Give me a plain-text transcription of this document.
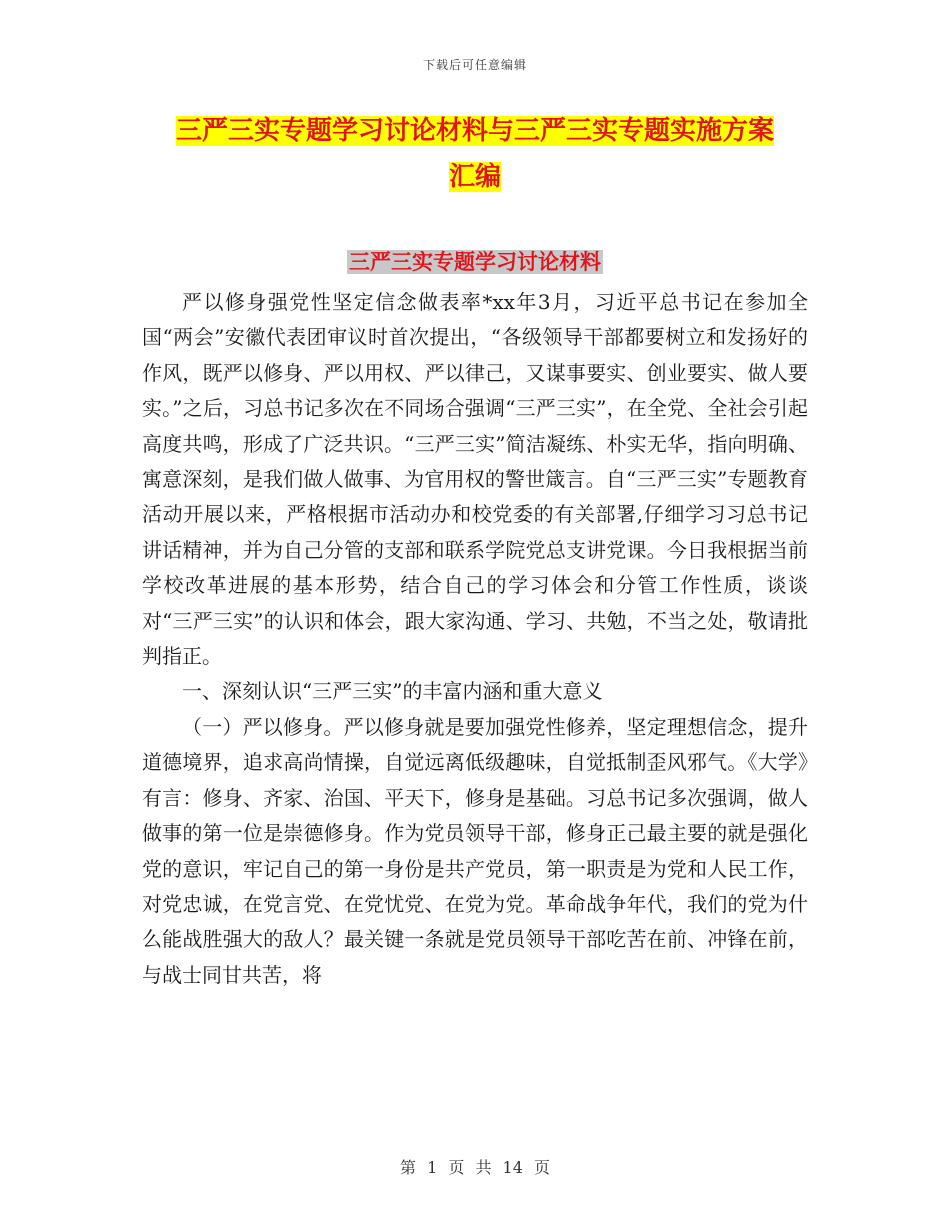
下载后可任意编辑
三严三实专题学习讨论材料与三严三实专题实施方案
汇编
三严三实专题学习讨论材料

严以修身强党性坚定信念做表率*xx年3月，习近平总书记在参加全国“两会”安徽代表团审议时首次提出，“各级领导干部都要树立和发扬好的作风，既严以修身、严以用权、严以律己，又谋事要实、创业要实、做人要实。”之后，习总书记多次在不同场合强调“三严三实”，在全党、全社会引起高度共鸣，形成了广泛共识。“三严三实”简洁凝练、朴实无华，指向明确、寓意深刻，是我们做人做事、为官用权的警世箴言。自“三严三实”专题教育活动开展以来，严格根据市活动办和校党委的有关部署,仔细学习习总书记讲话精神，并为自己分管的支部和联系学院党总支讲党课。今日我根据当前学校改革进展的基本形势，结合自己的学习体会和分管工作性质，谈谈对“三严三实”的认识和体会，跟大家沟通、学习、共勉，不当之处，敬请批判指正。

一、深刻认识“三严三实”的丰富内涵和重大意义

（一）严以修身。严以修身就是要加强党性修养，坚定理想信念，提升道德境界，追求高尚情操，自觉远离低级趣味，自觉抵制歪风邪气。《大学》有言：修身、齐家、治国、平天下，修身是基础。习总书记多次强调，做人做事的第一位是崇德修身。作为党员领导干部，修身正己最主要的就是强化党的意识，牢记自己的第一身份是共产党员，第一职责是为党和人民工作，对党忠诚，在党言党、在党忧党、在党为党。革命战争年代，我们的党为什么能战胜强大的敌人？最关键一条就是党员领导干部吃苦在前、冲锋在前，与战士同甘共苦，将

第 1 页 共 14 页
